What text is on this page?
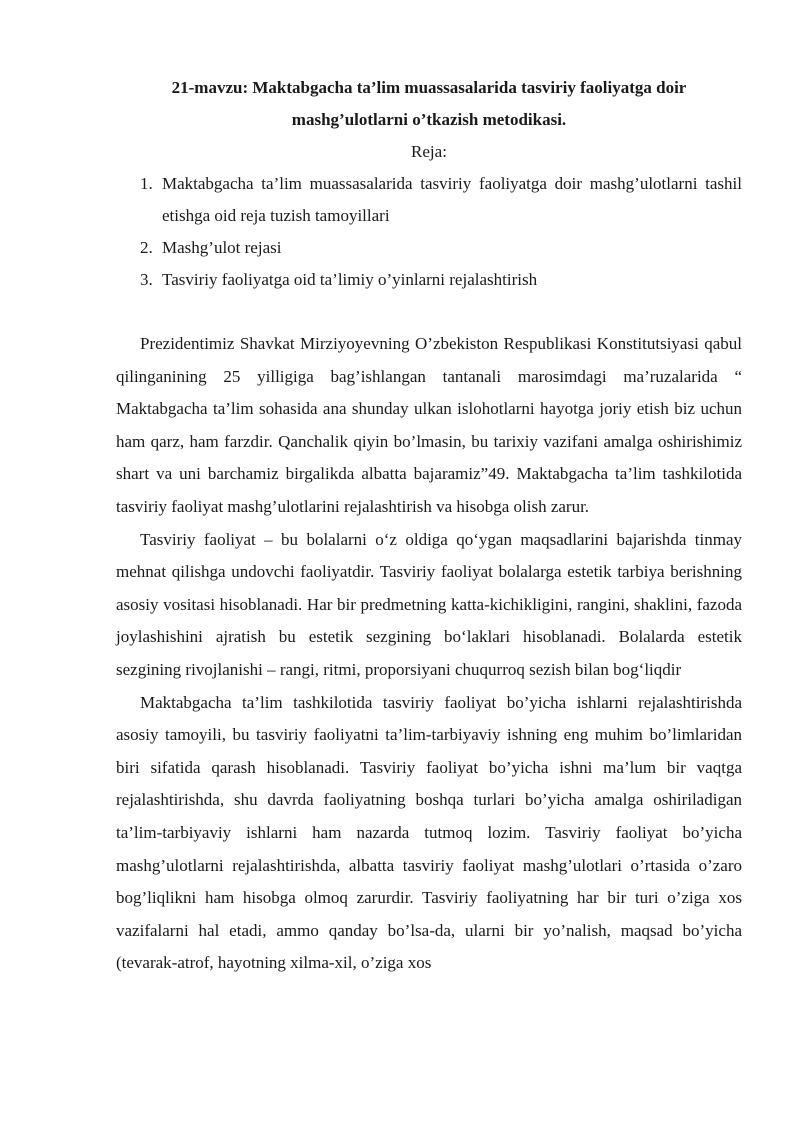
21-mavzu: Maktabgacha ta’lim muassasalarida tasviriy faoliyatga doir
mashg’ulotlarni o’tkazish metodikasi.

Reja:

1. Maktabgacha ta’lim muassasalarida tasviriy faoliyatga doir mashg’ulotlarni tashil etishga oid reja tuzish tamoyillari
2. Mashg’ulot rejasi
3. Tasviriy faoliyatga oid ta’limiy o’yinlarni rejalashtirish

Prezidentimiz Shavkat Mirziyoyevning O’zbekiston Respublikasi Konstitutsiyasi qabul qilinganining 25 yilligiga bag’ishlangan tantanali marosimdagi ma’ruzalarida “ Maktabgacha ta’lim sohasida ana shunday ulkan islohotlarni hayotga joriy etish biz uchun ham qarz, ham farzdir. Qanchalik qiyin bo’lmasin, bu tarixiy vazifani amalga oshirishimiz shart va uni barchamiz birgalikda albatta bajaramiz”49. Maktabgacha ta’lim tashkilotida tasviriy faoliyat mashg’ulotlarini rejalashtirish va hisobga olish zarur.

Tasviriy faoliyat – bu bolalarni o‘z oldiga qo‘ygan maqsadlarini bajarishda tinmay mehnat qilishga undovchi faoliyatdir. Tasviriy faoliyat bolalarga estetik tarbiya berishning asosiy vositasi hisoblanadi. Har bir predmetning katta-kichikligini, rangini, shaklini, fazoda joylashishini ajratish bu estetik sezgining bo‘laklari hisoblanadi. Bolalarda estetik sezgining rivojlanishi – rangi, ritmi, proporsiyani chuqurroq sezish bilan bog‘liqdir

Maktabgacha ta’lim tashkilotida tasviriy faoliyat bo’yicha ishlarni rejalashtirishda asosiy tamoyili, bu tasviriy faoliyatni ta’lim-tarbiyaviy ishning eng muhim bo’limlaridan biri sifatida qarash hisoblanadi. Tasviriy faoliyat bo’yicha ishni ma’lum bir vaqtga rejalashtirishda, shu davrda faoliyatning boshqa turlari bo’yicha amalga oshiriladigan ta’lim-tarbiyaviy ishlarni ham nazarda tutmoq lozim. Tasviriy faoliyat bo’yicha mashg’ulotlarni rejalashtirishda, albatta tasviriy faoliyat mashg’ulotlari o’rtasida o’zaro bog’liqlikni ham hisobga olmoq zarurdir. Tasviriy faoliyatning har bir turi o’ziga xos vazifalarni hal etadi, ammo qanday bo’lsa-da, ularni bir yo’nalish, maqsad bo’yicha (tevarak-atrof, hayotning xilma-xil, o’ziga xos
